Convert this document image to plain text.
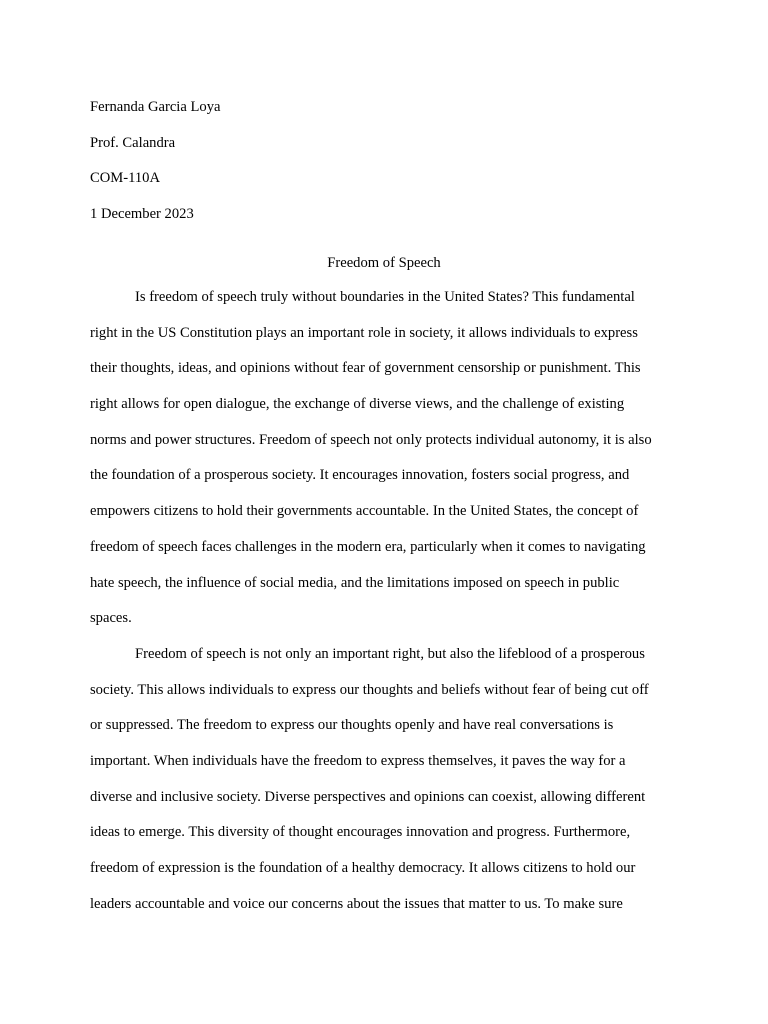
Fernanda Garcia Loya
Prof. Calandra
COM-110A
1 December 2023
Freedom of Speech
Is freedom of speech truly without boundaries in the United States? This fundamental
right in the US Constitution plays an important role in society, it allows individuals to express
their thoughts, ideas, and opinions without fear of government censorship or punishment. This
right allows for open dialogue, the exchange of diverse views, and the challenge of existing
norms and power structures. Freedom of speech not only protects individual autonomy, it is also
the foundation of a prosperous society. It encourages innovation, fosters social progress, and
empowers citizens to hold their governments accountable. In the United States, the concept of
freedom of speech faces challenges in the modern era, particularly when it comes to navigating
hate speech, the influence of social media, and the limitations imposed on speech in public
spaces.
Freedom of speech is not only an important right, but also the lifeblood of a prosperous
society. This allows individuals to express our thoughts and beliefs without fear of being cut off
or suppressed. The freedom to express our thoughts openly and have real conversations is
important. When individuals have the freedom to express themselves, it paves the way for a
diverse and inclusive society. Diverse perspectives and opinions can coexist, allowing different
ideas to emerge. This diversity of thought encourages innovation and progress. Furthermore,
freedom of expression is the foundation of a healthy democracy. It allows citizens to hold our
leaders accountable and voice our concerns about the issues that matter to us. To make sure
